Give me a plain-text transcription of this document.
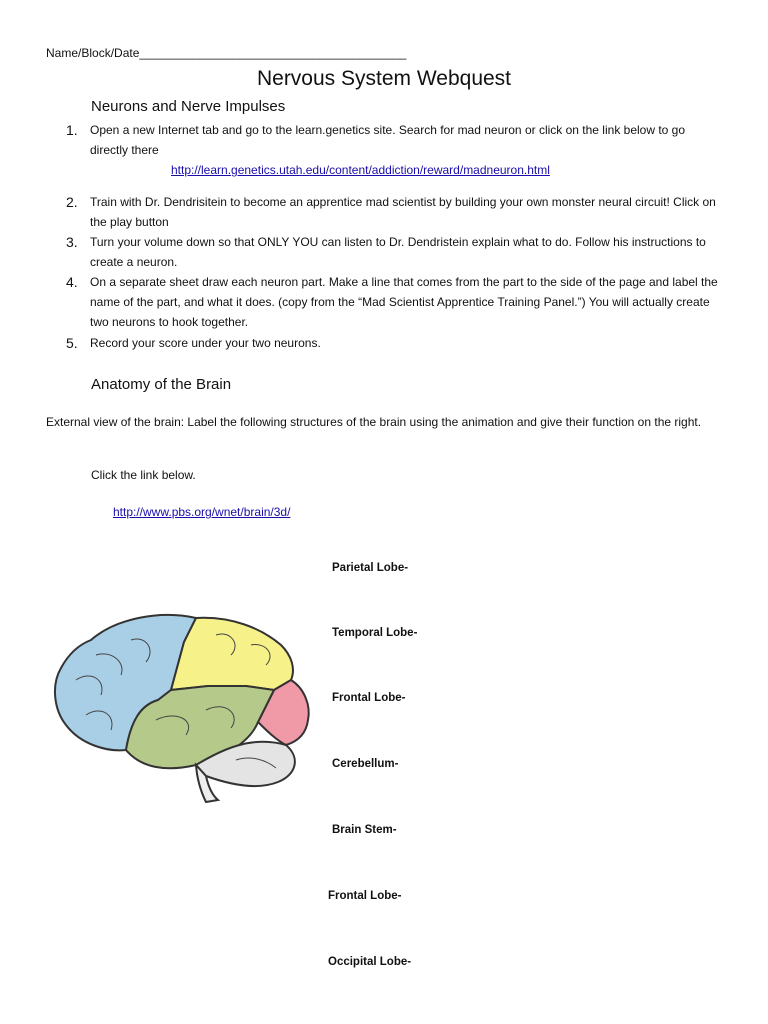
Name/Block/Date________________________________________
Nervous System Webquest
Neurons and Nerve Impulses
1. Open a new Internet tab and go to the learn.genetics site. Search for mad neuron or click on the link below to go directly there
http://learn.genetics.utah.edu/content/addiction/reward/madneuron.html
2. Train with Dr. Dendrisitein to become an apprentice mad scientist by building your own monster neural circuit! Click on the play button
3. Turn your volume down so that ONLY YOU can listen to Dr. Dendristein explain what to do. Follow his instructions to create a neuron.
4. On a separate sheet draw each neuron part. Make a line that comes from the part to the side of the page and label the name of the part, and what it does. (copy from the “Mad Scientist Apprentice Training Panel.”) You will actually create two neurons to hook together.
5. Record your score under your two neurons.
Anatomy of the Brain
External view of the brain: Label the following structures of the brain using the animation and give their function on the right.
Click the link below.
http://www.pbs.org/wnet/brain/3d/
Parietal Lobe-
Temporal Lobe-
Frontal Lobe-
Cerebellum-
Brain Stem-
Frontal Lobe-
Occipital Lobe-
